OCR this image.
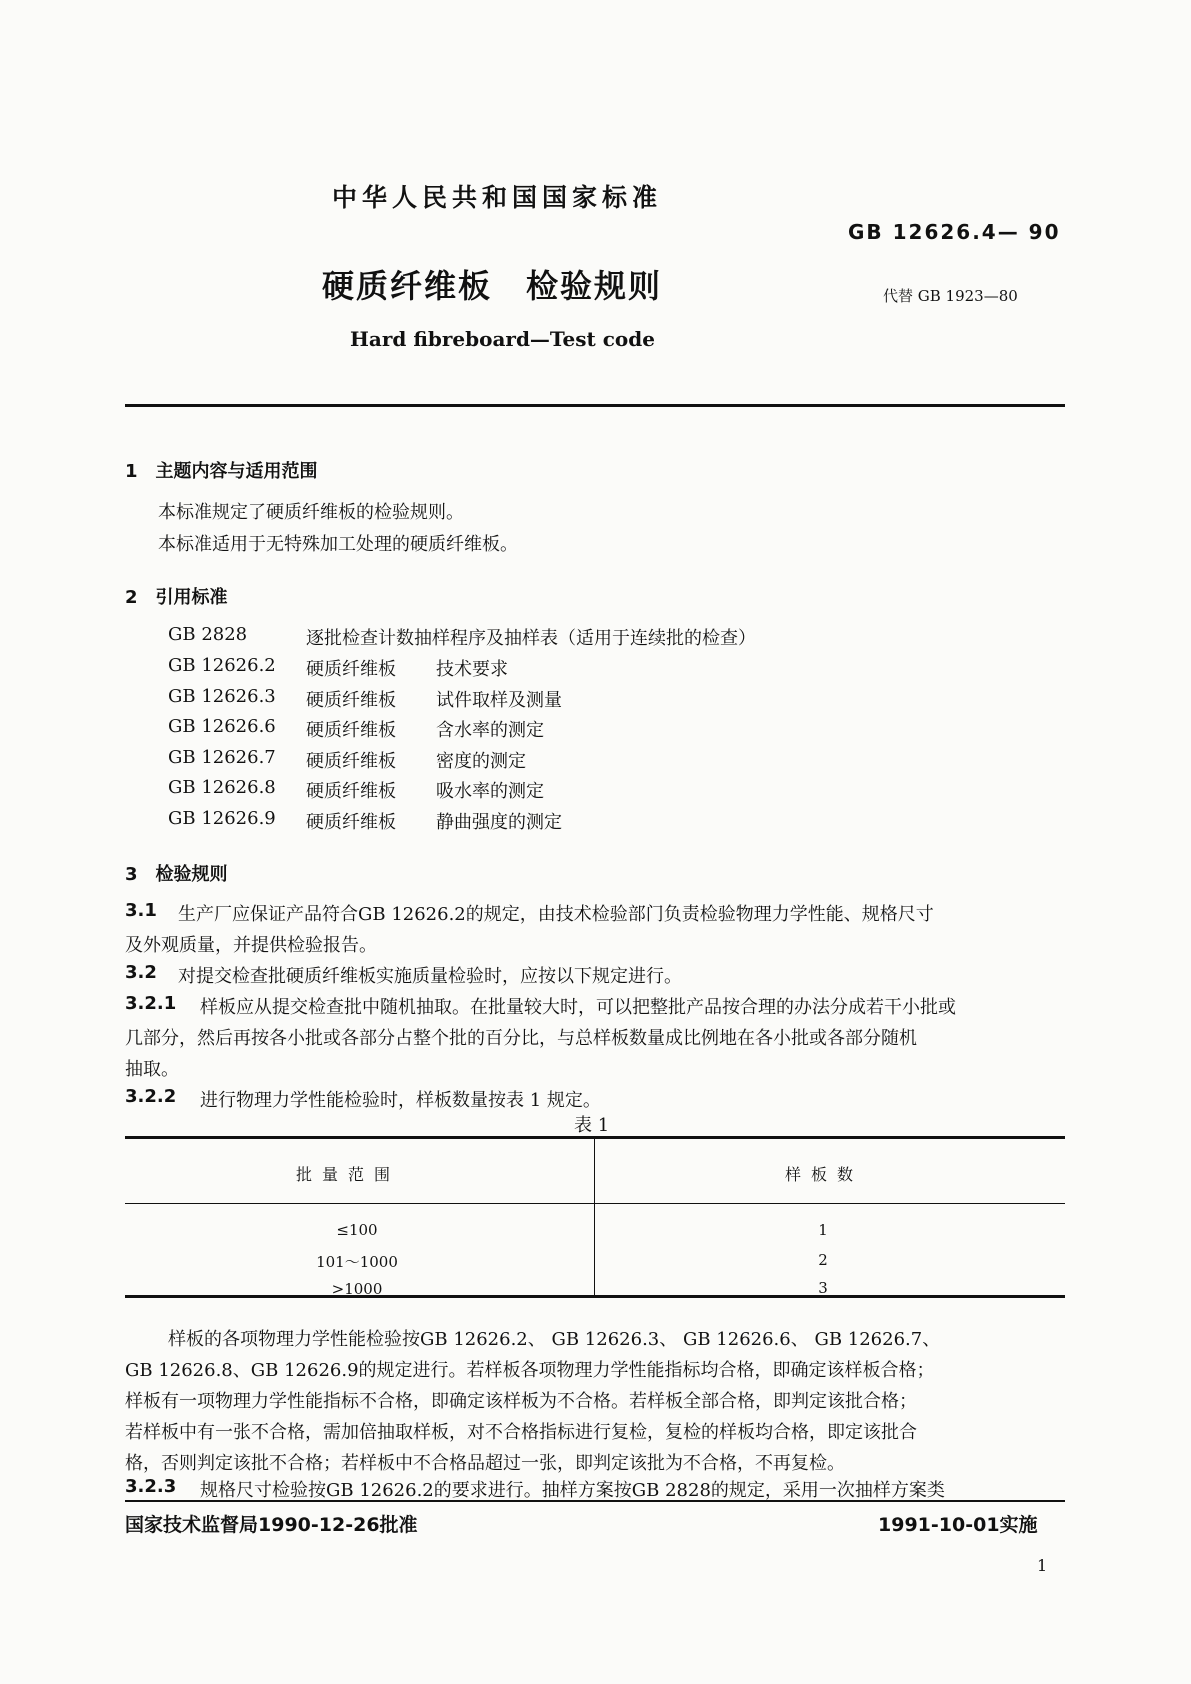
中华人民共和国国家标准
GB 12626.4— 90
硬质纤维板　检验规则	代替 GB 1923—80
Hard fibreboard—Test code
1　主题内容与适用范围
本标准规定了硬质纤维板的检验规则。
本标准适用于无特殊加工处理的硬质纤维板。
2　引用标准
GB 2828	逐批检查计数抽样程序及抽样表（适用于连续批的检查）
GB 12626.2 硬质纤维板 技术要求
GB 12626.3 硬质纤维板 试件取样及测量
GB 12626.6 硬质纤维板 含水率的测定
GB 12626.7 硬质纤维板 密度的测定
GB 12626.8 硬质纤维板 吸水率的测定
GB 12626.9 硬质纤维板 静曲强度的测定
3　检验规则
3.1 生产厂应保证产品符合GB 12626.2的规定，由技术检验部门负责检验物理力学性能、规格尺寸
及外观质量，并提供检验报告。
3.2 对提交检查批硬质纤维板实施质量检验时，应按以下规定进行。
3.2.1 样板应从提交检查批中随机抽取。在批量较大时，可以把整批产品按合理的办法分成若干小批或
几部分，然后再按各小批或各部分占整个批的百分比，与总样板数量成比例地在各小批或各部分随机
抽取。
3.2.2 进行物理力学性能检验时，样板数量按表 1 规定。
表 1
批量范围	样板数
≤100	1
101～1000	2
>1000	3
样板的各项物理力学性能检验按GB 12626.2、 GB 12626.3、 GB 12626.6、 GB 12626.7、
GB 12626.8、GB 12626.9的规定进行。若样板各项物理力学性能指标均合格，即确定该样板合格；
样板有一项物理力学性能指标不合格，即确定该样板为不合格。若样板全部合格，即判定该批合格；
若样板中有一张不合格，需加倍抽取样板，对不合格指标进行复检，复检的样板均合格，即定该批合
格，否则判定该批不合格；若样板中不合格品超过一张，即判定该批为不合格，不再复检。
3.2.3 规格尺寸检验按GB 12626.2的要求进行。抽样方案按GB 2828的规定，采用一次抽样方案类
国家技术监督局1990-12-26批准	1991-10-01实施
1
